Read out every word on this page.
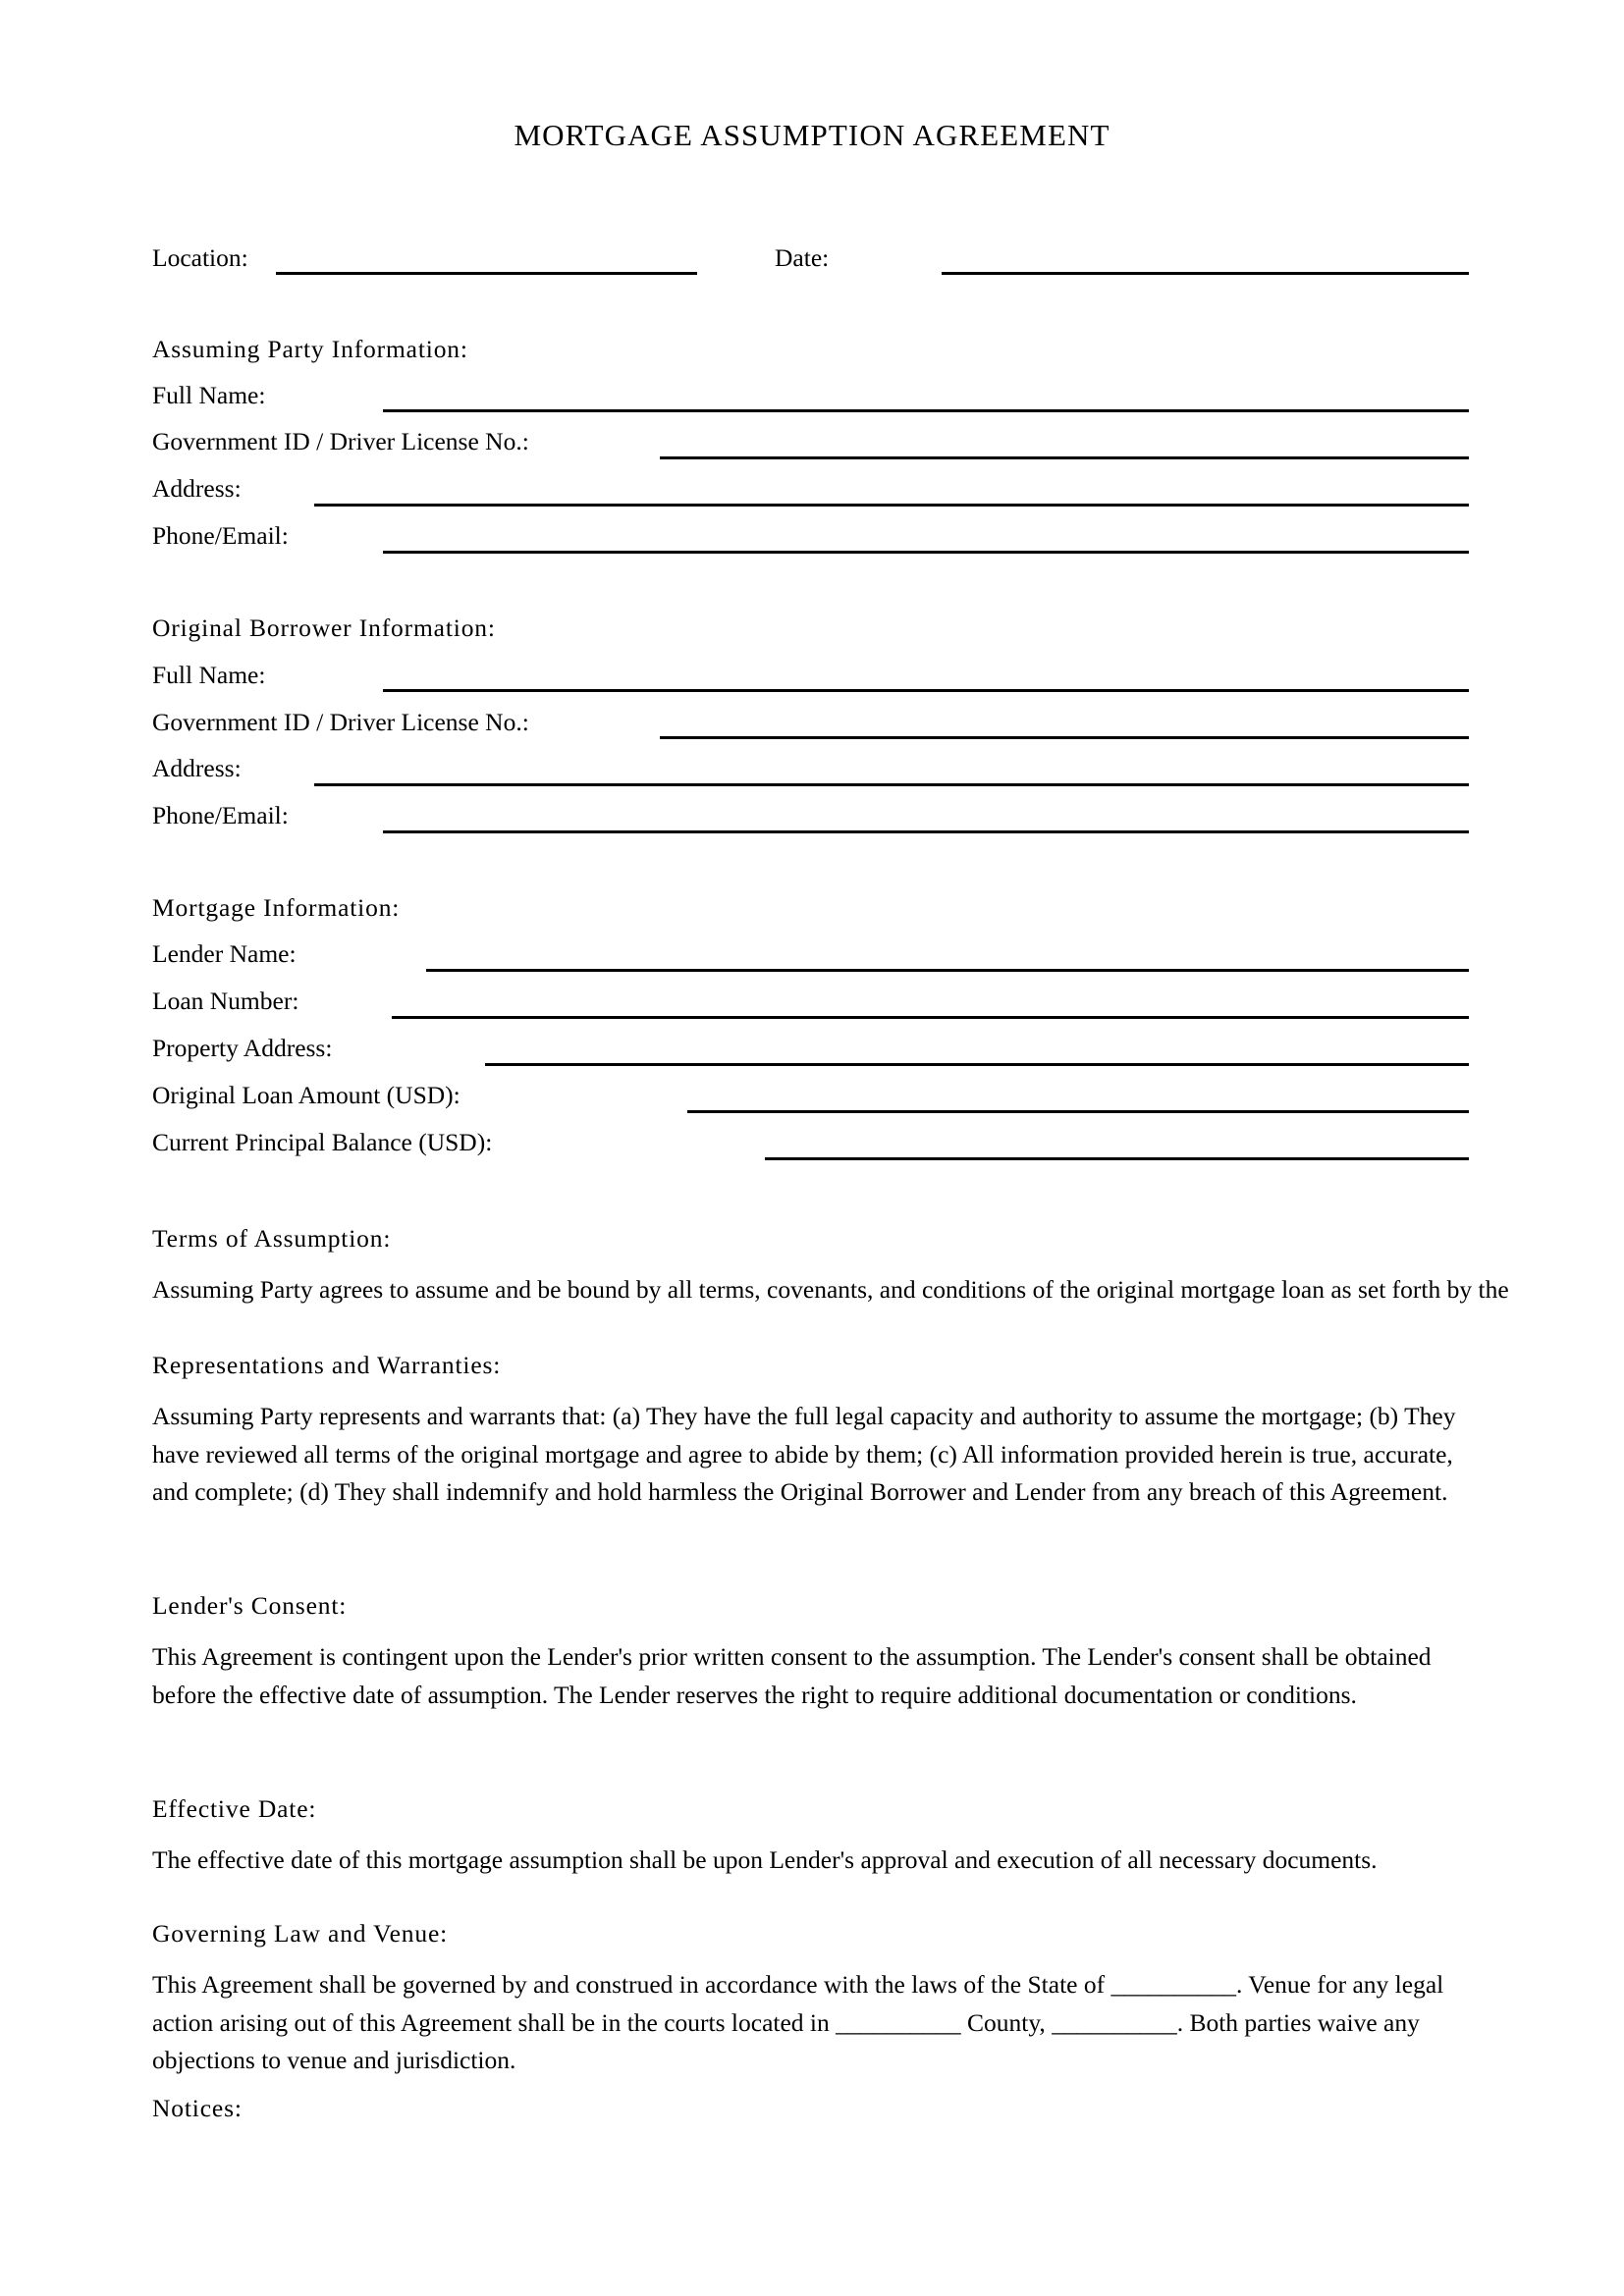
MORTGAGE ASSUMPTION AGREEMENT
Location:	Date:
Assuming Party Information:
Full Name:
Government ID / Driver License No.:
Address:
Phone/Email:
Original Borrower Information:
Full Name:
Government ID / Driver License No.:
Address:
Phone/Email:
Mortgage Information:
Lender Name:
Loan Number:
Property Address:
Original Loan Amount (USD):
Current Principal Balance (USD):
Terms of Assumption:
Assuming Party agrees to assume and be bound by all terms, covenants, and conditions of the original mortgage loan as set forth by the
Representations and Warranties:
Assuming Party represents and warrants that: (a) They have the full legal capacity and authority to assume the mortgage; (b) They have reviewed all terms of the original mortgage and agree to abide by them; (c) All information provided herein is true, accurate, and complete; (d) They shall indemnify and hold harmless the Original Borrower and Lender from any breach of this Agreement.
Lender's Consent:
This Agreement is contingent upon the Lender's prior written consent to the assumption. The Lender's consent shall be obtained before the effective date of assumption. The Lender reserves the right to require additional documentation or conditions.
Effective Date:
The effective date of this mortgage assumption shall be upon Lender's approval and execution of all necessary documents.
Governing Law and Venue:
This Agreement shall be governed by and construed in accordance with the laws of the State of __________. Venue for any legal action arising out of this Agreement shall be in the courts located in __________ County, __________. Both parties waive any objections to venue and jurisdiction.
Notices:
